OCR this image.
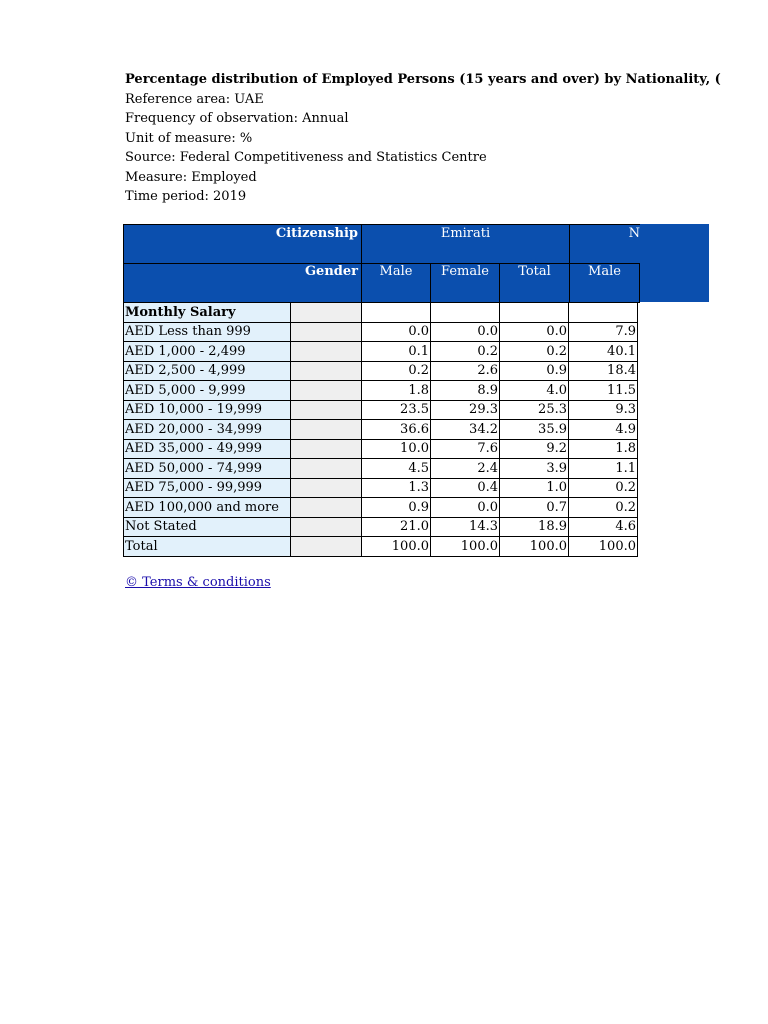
Percentage distribution of Employed Persons (15 years and over) by Nationality, (
Reference area: UAE
Frequency of observation: Annual
Unit of measure: %
Source: Federal Competitiveness and Statistics Centre
Measure: Employed
Time period: 2019
Citizenship	Emirati	N
Gender	Male	Female	Total	Male
Monthly Salary					
AED Less than 999		0.0	0.0	0.0	7.9
AED 1,000 - 2,499		0.1	0.2	0.2	40.1
AED 2,500 - 4,999		0.2	2.6	0.9	18.4
AED 5,000 - 9,999		1.8	8.9	4.0	11.5
AED 10,000 - 19,999		23.5	29.3	25.3	9.3
AED 20,000 - 34,999		36.6	34.2	35.9	4.9
AED 35,000 - 49,999		10.0	7.6	9.2	1.8
AED 50,000 - 74,999		4.5	2.4	3.9	1.1
AED 75,000 - 99,999		1.3	0.4	1.0	0.2
AED 100,000 and more		0.9	0.0	0.7	0.2
Not Stated		21.0	14.3	18.9	4.6
Total		100.0	100.0	100.0	100.0
© Terms & conditions
